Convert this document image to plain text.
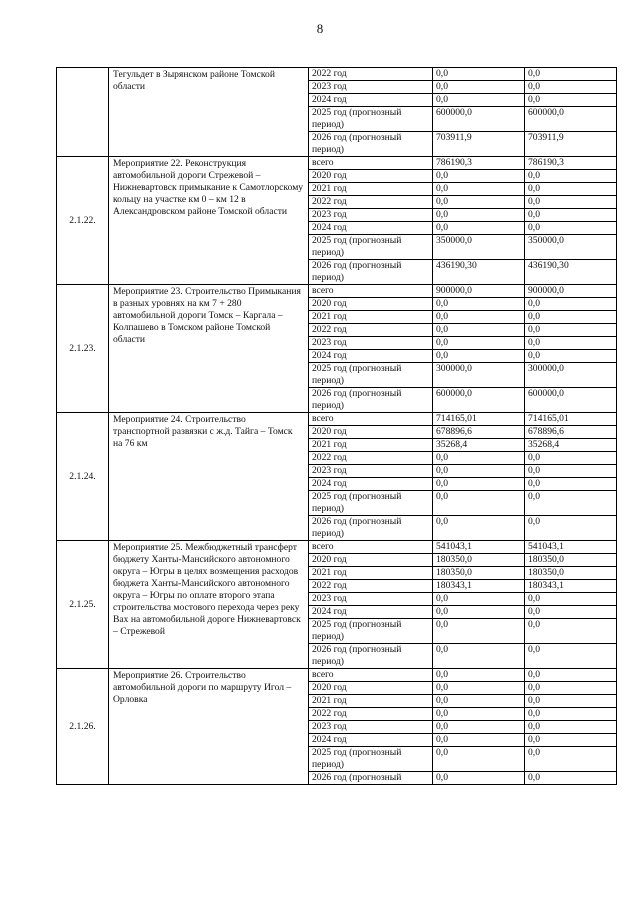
8
	Тегульдет в Зырянском районе Томской области	2022 год	0,0	0,0
		2023 год	0,0	0,0
		2024 год	0,0	0,0
		2025 год (прогнозный период)	600000,0	600000,0
		2026 год (прогнозный период)	703911,9	703911,9
2.1.22.	Мероприятие 22. Реконструкция автомобильной дороги Стрежевой – Нижневартовск примыкание к Самотлорскому кольцу на участке км 0 – км 12 в Александровском районе Томской области	всего	786190,3	786190,3
		2020 год	0,0	0,0
		2021 год	0,0	0,0
		2022 год	0,0	0,0
		2023 год	0,0	0,0
		2024 год	0,0	0,0
		2025 год (прогнозный период)	350000,0	350000,0
		2026 год (прогнозный период)	436190,30	436190,30
2.1.23.	Мероприятие 23. Строительство Примыкания в разных уровнях на км 7 + 280 автомобильной дороги Томск – Каргала – Колпашево в Томском районе Томской области	всего	900000,0	900000,0
		2020 год	0,0	0,0
		2021 год	0,0	0,0
		2022 год	0,0	0,0
		2023 год	0,0	0,0
		2024 год	0,0	0,0
		2025 год (прогнозный период)	300000,0	300000,0
		2026 год (прогнозный период)	600000,0	600000,0
2.1.24.	Мероприятие 24. Строительство транспортной развязки с ж.д. Тайга – Томск на 76 км	всего	714165,01	714165,01
		2020 год	678896,6	678896,6
		2021 год	35268,4	35268,4
		2022 год	0,0	0,0
		2023 год	0,0	0,0
		2024 год	0,0	0,0
		2025 год (прогнозный период)	0,0	0,0
		2026 год (прогнозный период)	0,0	0,0
2.1.25.	Мероприятие 25. Межбюджетный трансферт бюджету Ханты-Мансийского автономного округа – Югры в целях возмещения расходов бюджета Ханты-Мансийского автономного округа – Югры по оплате второго этапа строительства мостового перехода через реку Вах на автомобильной дороге Нижневартовск – Стрежевой	всего	541043,1	541043,1
		2020 год	180350,0	180350,0
		2021 год	180350,0	180350,0
		2022 год	180343,1	180343,1
		2023 год	0,0	0,0
		2024 год	0,0	0,0
		2025 год (прогнозный период)	0,0	0,0
		2026 год (прогнозный период)	0,0	0,0
2.1.26.	Мероприятие 26. Строительство автомобильной дороги по маршруту Игол – Орловка	всего	0,0	0,0
		2020 год	0,0	0,0
		2021 год	0,0	0,0
		2022 год	0,0	0,0
		2023 год	0,0	0,0
		2024 год	0,0	0,0
		2025 год (прогнозный период)	0,0	0,0
		2026 год (прогнозный	0,0	0,0
